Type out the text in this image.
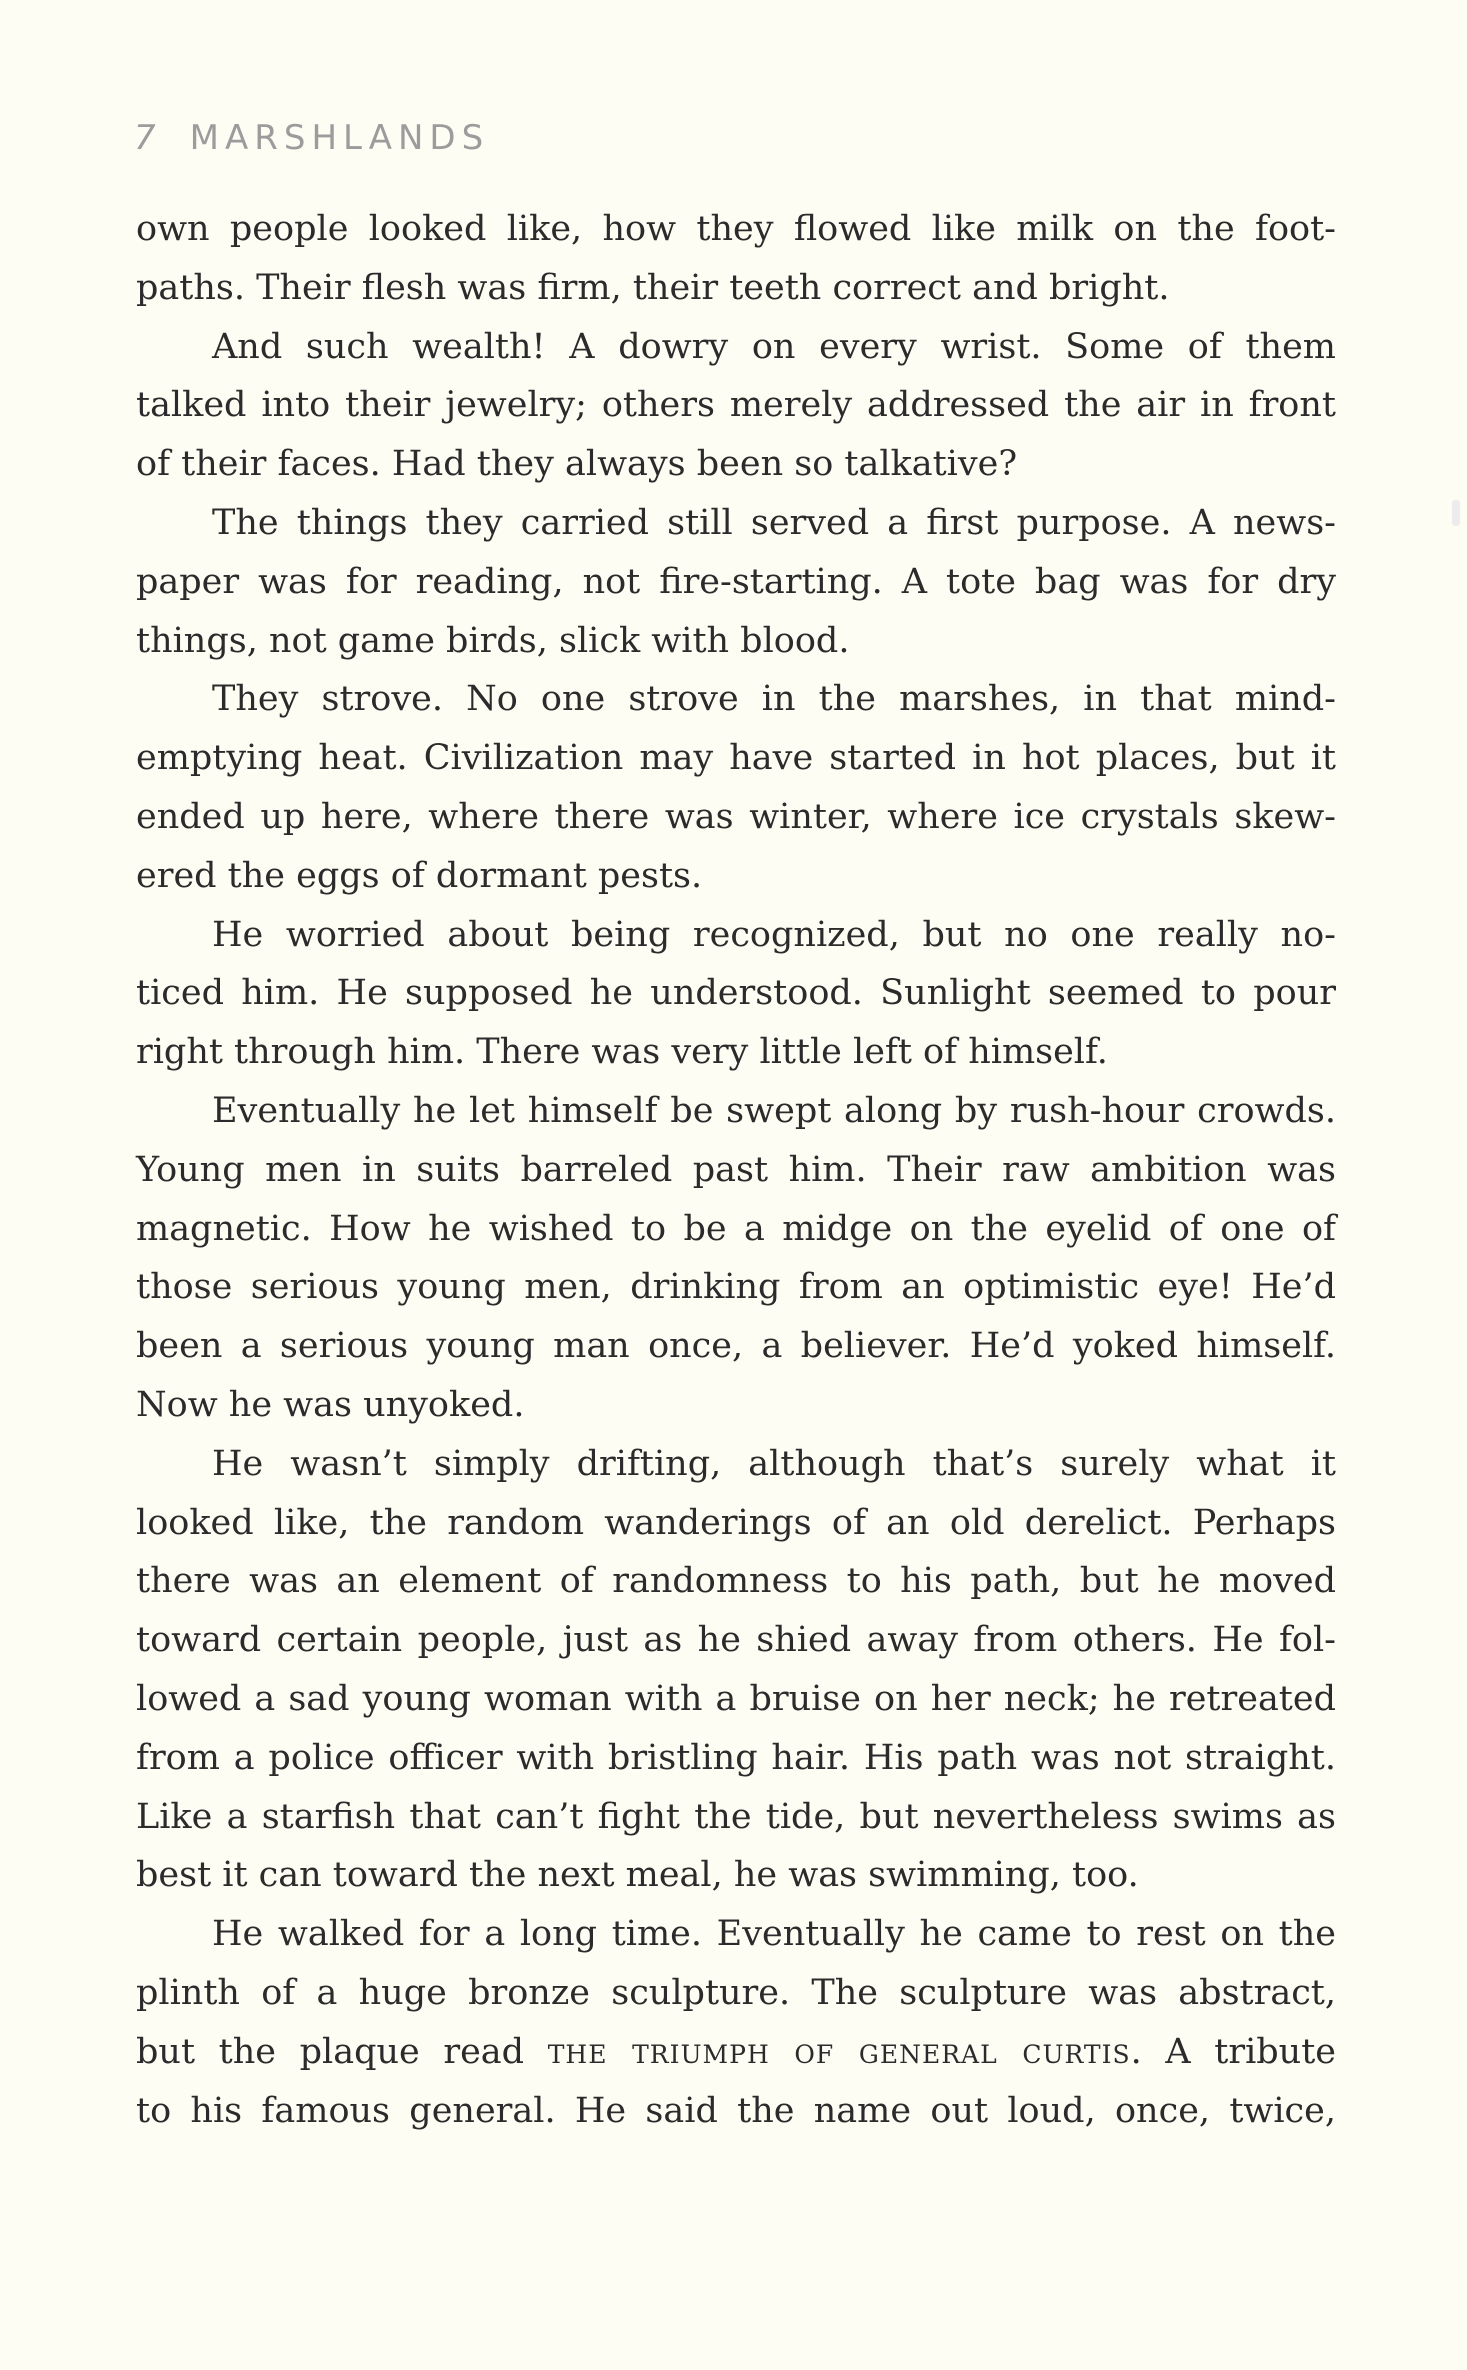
7 MARSHLANDS
own people looked like, how they flowed like milk on the foot-
paths. Their flesh was firm, their teeth correct and bright.
And such wealth! A dowry on every wrist. Some of them
talked into their jewelry; others merely addressed the air in front
of their faces. Had they always been so talkative?
The things they carried still served a first purpose. A news-
paper was for reading, not fire-starting. A tote bag was for dry
things, not game birds, slick with blood.
They strove. No one strove in the marshes, in that mind-
emptying heat. Civilization may have started in hot places, but it
ended up here, where there was winter, where ice crystals skew-
ered the eggs of dormant pests.
He worried about being recognized, but no one really no-
ticed him. He supposed he understood. Sunlight seemed to pour
right through him. There was very little left of himself.
Eventually he let himself be swept along by rush-hour crowds.
Young men in suits barreled past him. Their raw ambition was
magnetic. How he wished to be a midge on the eyelid of one of
those serious young men, drinking from an optimistic eye! He’d
been a serious young man once, a believer. He’d yoked himself.
Now he was unyoked.
He wasn’t simply drifting, although that’s surely what it
looked like, the random wanderings of an old derelict. Perhaps
there was an element of randomness to his path, but he moved
toward certain people, just as he shied away from others. He fol-
lowed a sad young woman with a bruise on her neck; he retreated
from a police officer with bristling hair. His path was not straight.
Like a starfish that can’t fight the tide, but nevertheless swims as
best it can toward the next meal, he was swimming, too.
He walked for a long time. Eventually he came to rest on the
plinth of a huge bronze sculpture. The sculpture was abstract,
but the plaque read the triumph of general curtis. A tribute
to his famous general. He said the name out loud, once, twice,
